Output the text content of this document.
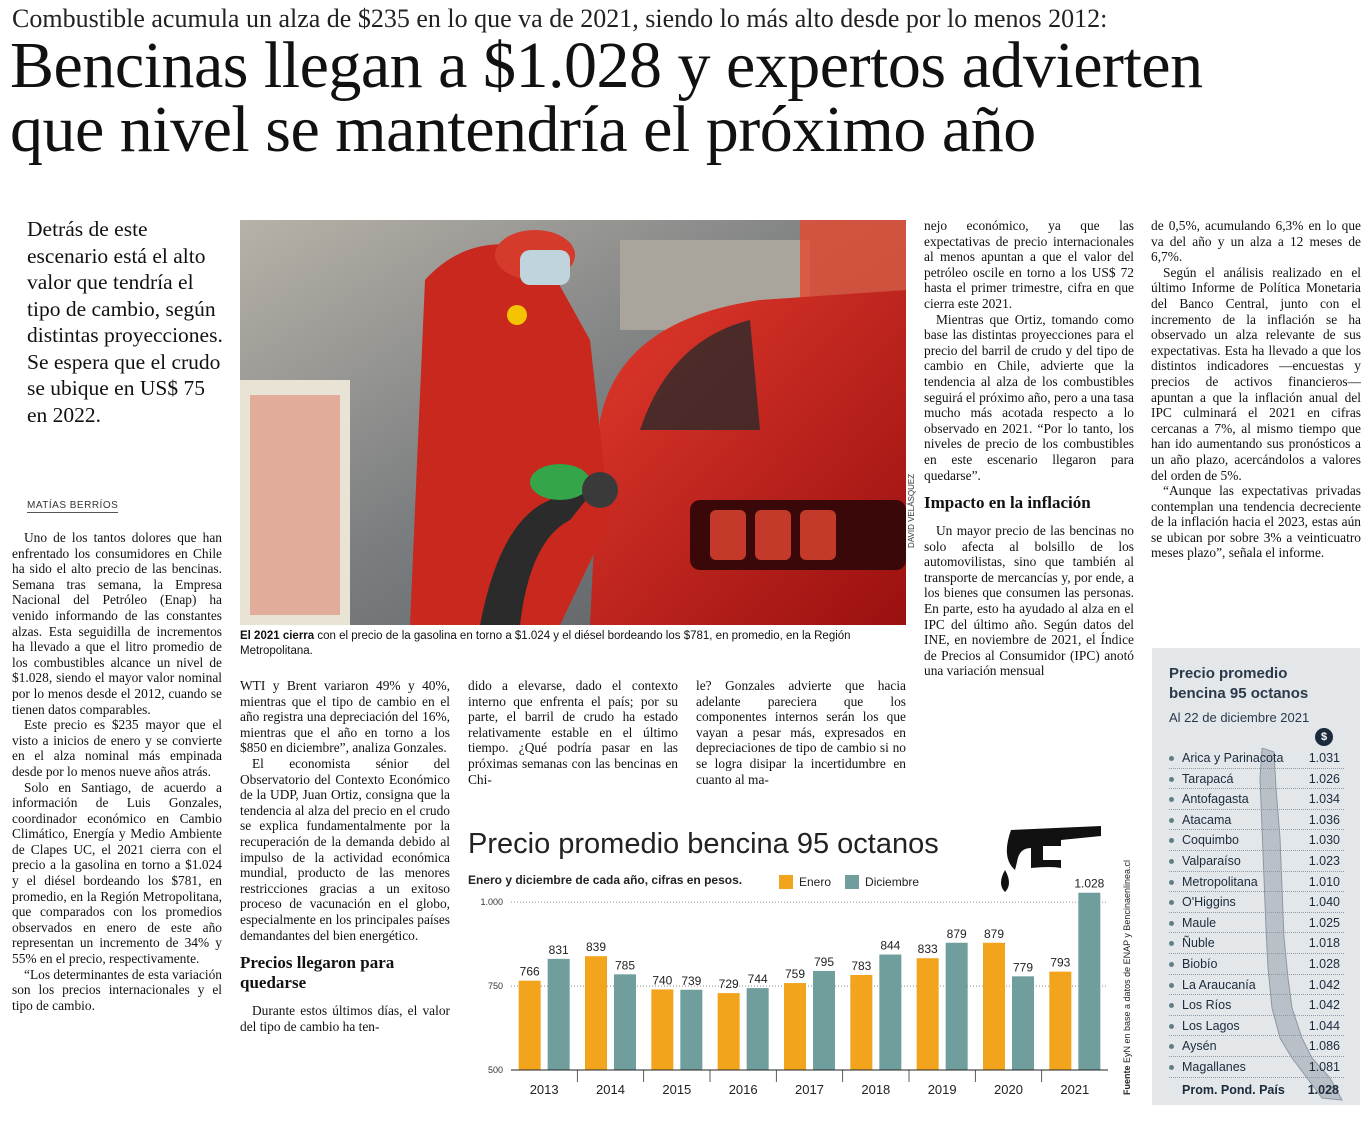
Combustible acumula un alza de $235 en lo que va de 2021, siendo lo más alto desde por lo menos 2012:
Bencinas llegan a $1.028 y expertos advierten
que nivel se mantendría el próximo año
Detrás de este escenario está el alto valor que tendría el tipo de cambio, según distintas proyecciones. Se espera que el crudo se ubique en US$ 75 en 2022.
MATÍAS BERRÍOS

Uno de los tantos dolores que han enfrentado los consumidores en Chile ha sido el alto precio de las bencinas. Semana tras semana, la Empresa Nacional del Petróleo (Enap) ha venido informando de las constantes alzas. Esta seguidilla de incrementos ha llevado a que el litro promedio de los combustibles alcance un nivel de $1.028, siendo el mayor valor nominal por lo menos desde el 2012, cuando se tienen datos comparables.

Este precio es $235 mayor que el visto a inicios de enero y se convierte en el alza nominal más empinada desde por lo menos nueve años atrás.

Solo en Santiago, de acuerdo a información de Luis Gonzales, coordinador económico en Cambio Climático, Energía y Medio Ambiente de Clapes UC, el 2021 cierra con el precio a la gasolina en torno a $1.024 y el diésel bordeando los $781, en promedio, en la Región Metropolitana, que comparados con los promedios observados en enero de este año representan un incremento de 34% y 55% en el precio, respectivamente.

“Los determinantes de esta variación son los precios internacionales y el tipo de cambio.

DAVID VELÁSQUEZ
El 2021 cierra con el precio de la gasolina en torno a $1.024 y el diésel bordeando los $781, en promedio, en la Región Metropolitana.

WTI y Brent variaron 49% y 40%, mientras que el tipo de cambio en el año registra una depreciación del 16%, mientras que el año en torno a los $850 en diciembre”, analiza Gonzales.

El economista sénior del Observatorio del Contexto Económico de la UDP, Juan Ortiz, consigna que la tendencia al alza del precio en el crudo se explica fundamentalmente por la recuperación de la demanda debido al impulso de la actividad económica mundial, producto de las menores restricciones gracias a un exitoso proceso de vacunación en el globo, especialmente en los principales países demandantes del bien energético.

Precios llegaron para quedarse

Durante estos últimos días, el valor del tipo de cambio ha ten-

dido a elevarse, dado el contexto interno que enfrenta el país; por su parte, el barril de crudo ha estado relativamente estable en el último tiempo. ¿Qué podría pasar en las próximas semanas con las bencinas en Chi-

le? Gonzales advierte que hacia adelante pareciera que los componentes internos serán los que vayan a pesar más, expresados en depreciaciones de tipo de cambio si no se logra disipar la incertidumbre en cuanto al ma-

nejo económico, ya que las expectativas de precio internacionales al menos apuntan a que el valor del petróleo oscile en torno a los US$ 72 hasta el primer trimestre, cifra en que cierra este 2021.

Mientras que Ortiz, tomando como base las distintas proyecciones para el precio del barril de crudo y del tipo de cambio en Chile, advierte que la tendencia al alza de los combustibles seguirá el próximo año, pero a una tasa mucho más acotada respecto a lo observado en 2021. “Por lo tanto, los niveles de precio de los combustibles en este escenario llegaron para quedarse”.

Impacto en la inflación

Un mayor precio de las bencinas no solo afecta al bolsillo de los automovilistas, sino que también al transporte de mercancías y, por ende, a los bienes que consumen las personas. En parte, esto ha ayudado al alza en el IPC del último año. Según datos del INE, en noviembre de 2021, el Índice de Precios al Consumidor (IPC) anotó una variación mensual

de 0,5%, acumulando 6,3% en lo que va del año y un alza a 12 meses de 6,7%.

Según el análisis realizado en el último Informe de Política Monetaria del Banco Central, junto con el incremento de la inflación se ha observado un alza relevante de sus expectativas. Esta ha llevado a que los distintos indicadores —encuestas y precios de activos financieros— apuntan a que la inflación anual del IPC culminará el 2021 en cifras cercanas a 7%, al mismo tiempo que han ido aumentando sus pronósticos a un año plazo, acercándolos a valores del orden de 5%.

“Aunque las expectativas privadas contemplan una tendencia decreciente de la inflación hacia el 2023, estas aún se ubican por sobre 3% a veinticuatro meses plazo”, señala el informe.

Precio promedio bencina 95 octanos
Enero y diciembre de cada año, cifras en pesos.	Enero	Diciembre
500
750
1.000
766
831
2013
839
785
2014
740 739
2015
729 744
2016
759
795
2017
783
844
2018
833
879
2019
879
779
2020
793
1.028
2021	Fuente EyN en base a datos de ENAP y Bencinaenlinea.cl
Precio promedio
bencina 95 octanos
Al 22 de diciembre 2021
$
Arica y Parinacota 1.031
Tarapacá	1.026
Antofagasta	1.034
Atacama	1.036
Coquimbo	1.030
Valparaíso	1.023
Metropolitana	1.010
O'Higgins	1.040
Maule	1.025
Ñuble	1.018
Biobío	1.028
La Araucanía	1.042
Los Ríos	1.042
Los Lagos	1.044
Aysén	1.086
Magallanes	1.081
Prom. Pond. País 1.028
